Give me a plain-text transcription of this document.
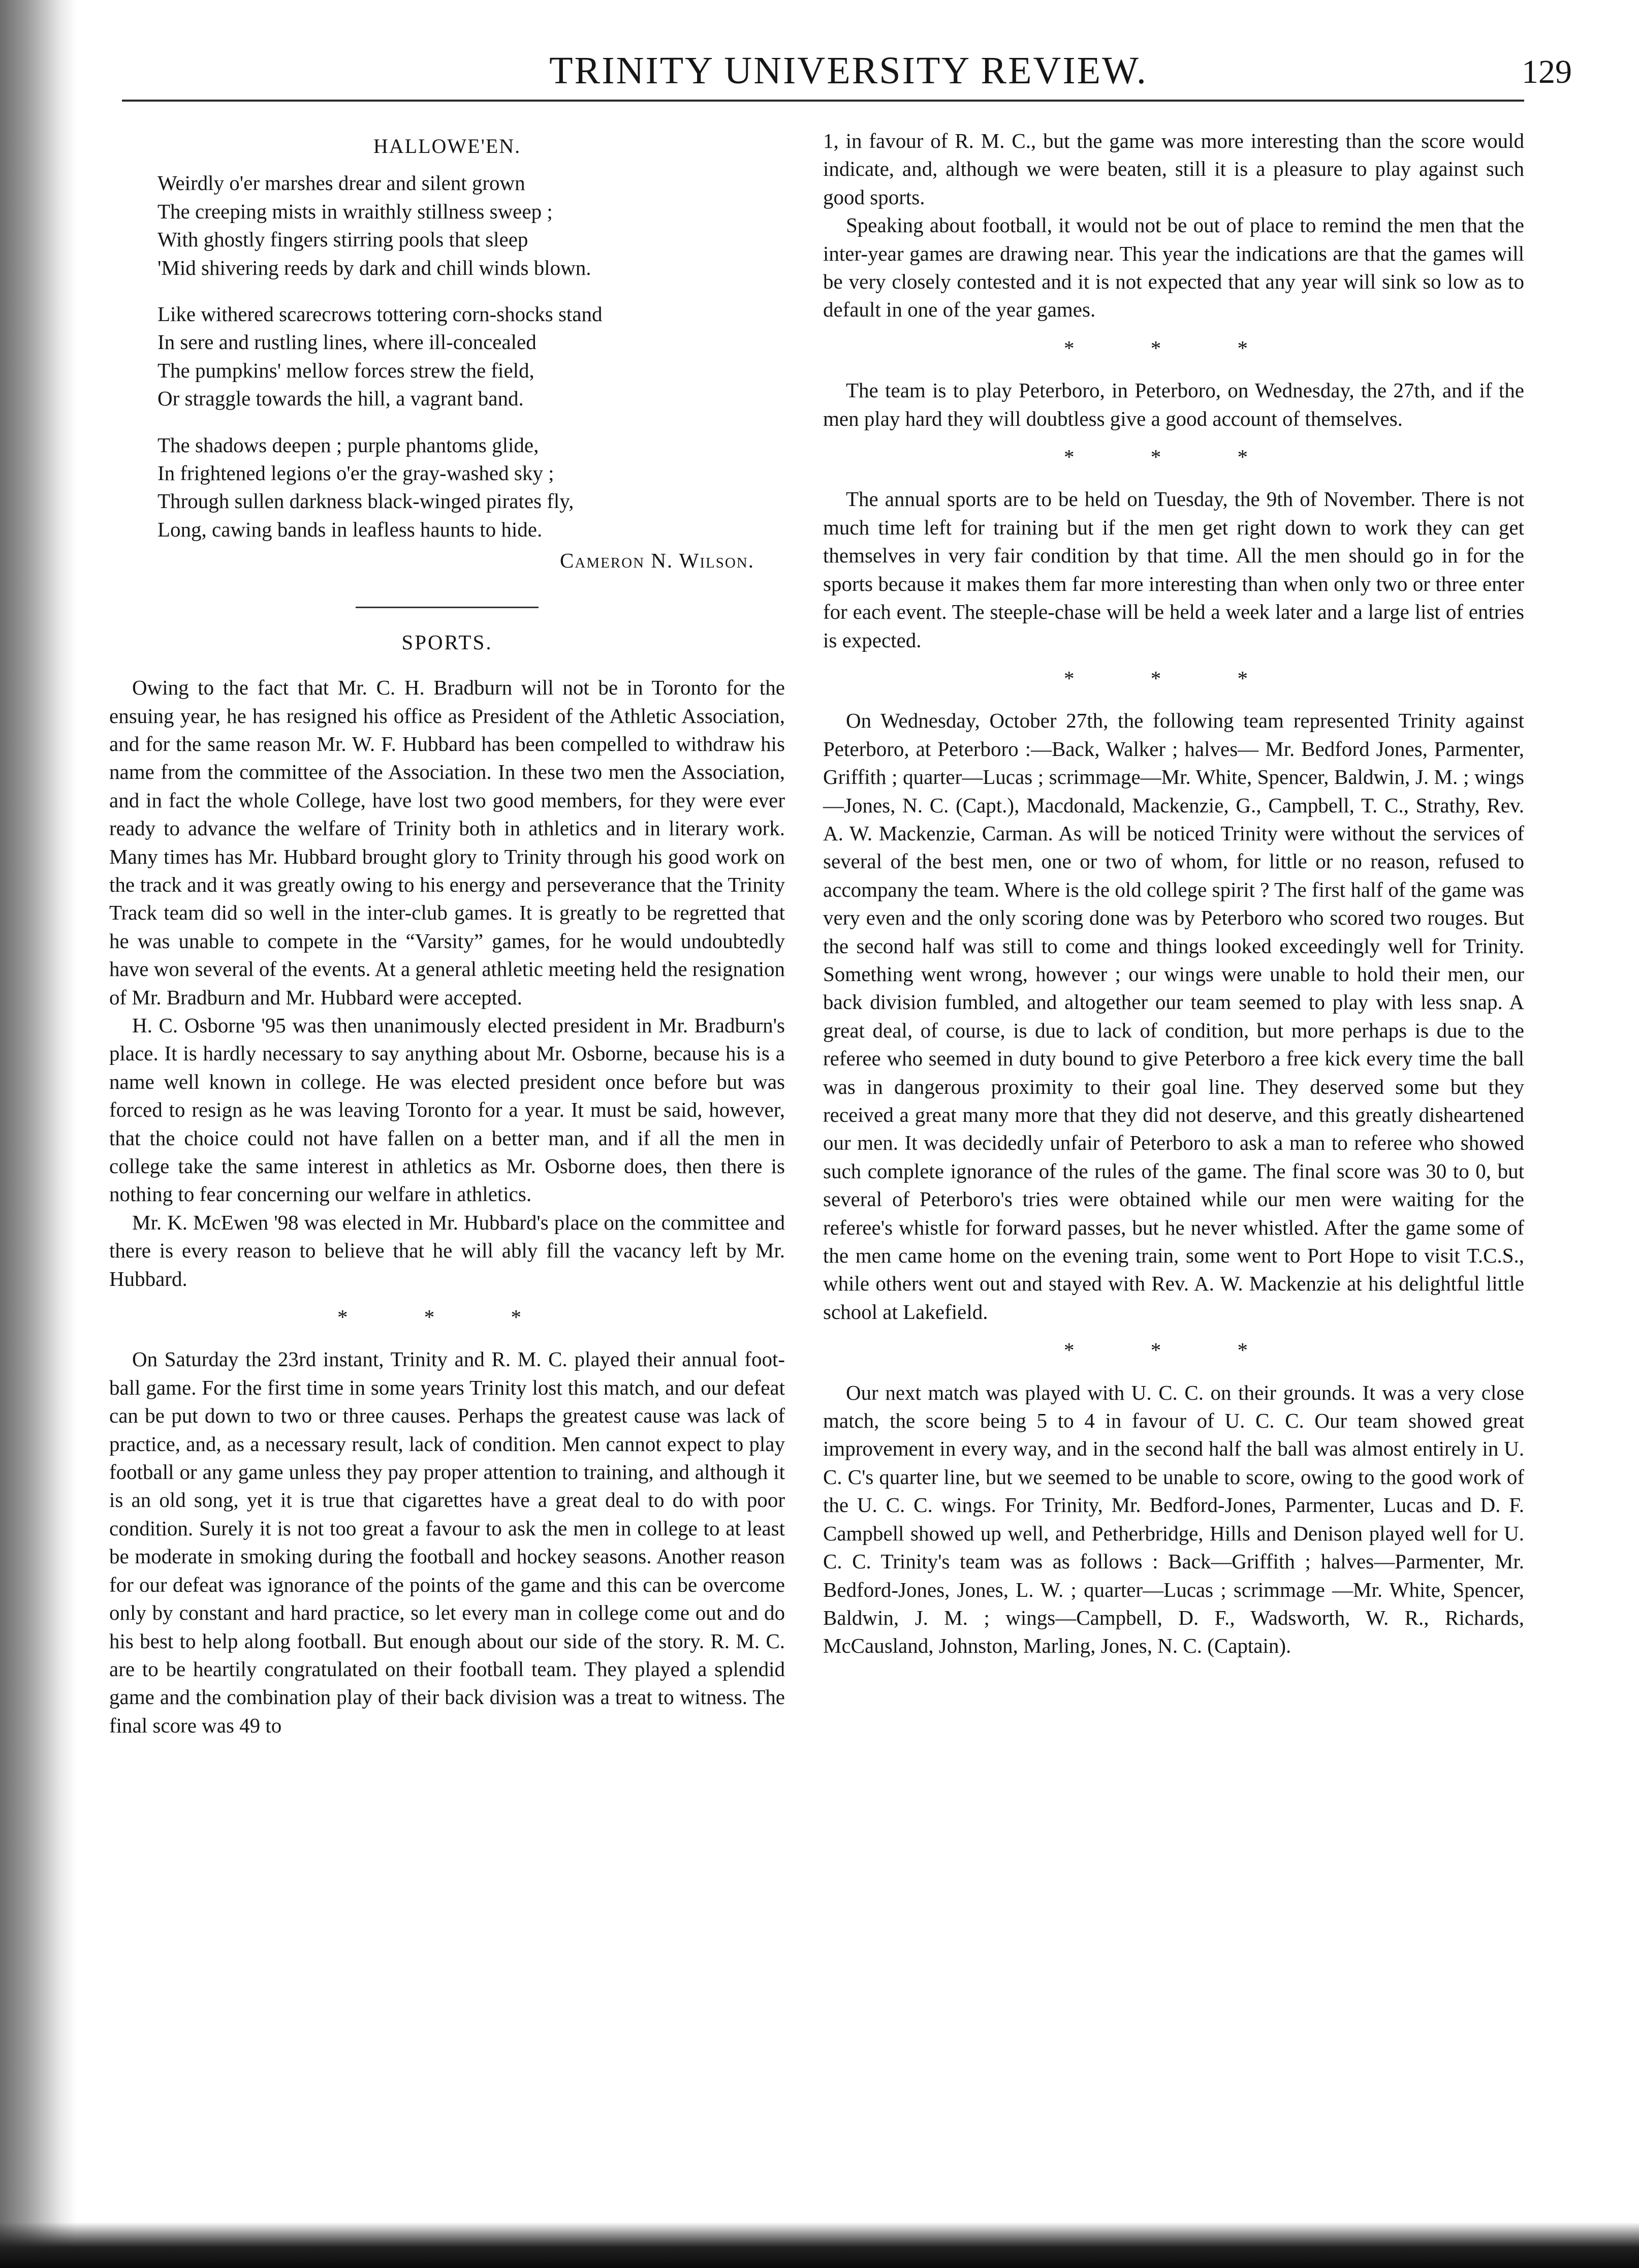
TRINITY UNIVERSITY REVIEW.	129
HALLOWE'EN.
Weirdly o'er marshes drear and silent grown
The creeping mists in wraithly stillness sweep ;
With ghostly fingers stirring pools that sleep
'Mid shivering reeds by dark and chill winds blown.
Like withered scarecrows tottering corn-shocks stand
In sere and rustling lines, where ill-concealed
The pumpkins' mellow forces strew the field,
Or straggle towards the hill, a vagrant band.
The shadows deepen ; purple phantoms glide,
In frightened legions o'er the gray-washed sky ;
Through sullen darkness black-winged pirates fly,
Long, cawing bands in leafless haunts to hide.
Cameron N. Wilson.
SPORTS.

Owing to the fact that Mr. C. H. Bradburn will not be in Toronto for the ensuing year, he has resigned his office as President of the Athletic Association, and for the same reason Mr. W. F. Hubbard has been compelled to withdraw his name from the committee of the Association. In these two men the Association, and in fact the whole College, have lost two good members, for they were ever ready to advance the welfare of Trinity both in athletics and in literary work. Many times has Mr. Hubbard brought glory to Trinity through his good work on the track and it was greatly owing to his energy and perseverance that the Trinity Track team did so well in the inter-club games. It is greatly to be regretted that he was unable to compete in the “Varsity” games, for he would undoubtedly have won several of the events. At a general athletic meeting held the resignation of Mr. Bradburn and Mr. Hubbard were accepted.

H. C. Osborne '95 was then unanimously elected president in Mr. Bradburn's place. It is hardly necessary to say anything about Mr. Osborne, because his is a name well known in college. He was elected president once before but was forced to resign as he was leaving Toronto for a year. It must be said, however, that the choice could not have fallen on a better man, and if all the men in college take the same interest in athletics as Mr. Osborne does, then there is nothing to fear concerning our welfare in athletics.

Mr. K. McEwen '98 was elected in Mr. Hubbard's place on the committee and there is every reason to believe that he will ably fill the vacancy left by Mr. Hubbard.

* * *

On Saturday the 23rd instant, Trinity and R. M. C. played their annual foot-ball game. For the first time in some years Trinity lost this match, and our defeat can be put down to two or three causes. Perhaps the greatest cause was lack of practice, and, as a necessary result, lack of condition. Men cannot expect to play football or any game unless they pay proper attention to training, and although it is an old song, yet it is true that cigarettes have a great deal to do with poor condition. Surely it is not too great a favour to ask the men in college to at least be moderate in smoking during the football and hockey seasons. Another reason for our defeat was ignorance of the points of the game and this can be overcome only by constant and hard practice, so let every man in college come out and do his best to help along football. But enough about our side of the story. R. M. C. are to be heartily congratulated on their football team. They played a splendid game and the combination play of their back division was a treat to witness. The final score was 49 to

1, in favour of R. M. C., but the game was more interesting than the score would indicate, and, although we were beaten, still it is a pleasure to play against such good sports.

Speaking about football, it would not be out of place to remind the men that the inter-year games are drawing near. This year the indications are that the games will be very closely contested and it is not expected that any year will sink so low as to default in one of the year games.

* * *

The team is to play Peterboro, in Peterboro, on Wednesday, the 27th, and if the men play hard they will doubtless give a good account of themselves.

* * *

The annual sports are to be held on Tuesday, the 9th of November. There is not much time left for training but if the men get right down to work they can get themselves in very fair condition by that time. All the men should go in for the sports because it makes them far more interesting than when only two or three enter for each event. The steeple-chase will be held a week later and a large list of entries is expected.

* * *

On Wednesday, October 27th, the following team represented Trinity against Peterboro, at Peterboro :—Back, Walker ; halves— Mr. Bedford Jones, Parmenter, Griffith ; quarter—Lucas ; scrimmage—Mr. White, Spencer, Baldwin, J. M. ; wings—Jones, N. C. (Capt.), Macdonald, Mackenzie, G., Campbell, T. C., Strathy, Rev. A. W. Mackenzie, Carman. As will be noticed Trinity were without the services of several of the best men, one or two of whom, for little or no reason, refused to accompany the team. Where is the old college spirit ? The first half of the game was very even and the only scoring done was by Peterboro who scored two rouges. But the second half was still to come and things looked exceedingly well for Trinity. Something went wrong, however ; our wings were unable to hold their men, our back division fumbled, and altogether our team seemed to play with less snap. A great deal, of course, is due to lack of condition, but more perhaps is due to the referee who seemed in duty bound to give Peterboro a free kick every time the ball was in dangerous proximity to their goal line. They deserved some but they received a great many more that they did not deserve, and this greatly disheartened our men. It was decidedly unfair of Peterboro to ask a man to referee who showed such complete ignorance of the rules of the game. The final score was 30 to 0, but several of Peterboro's tries were obtained while our men were waiting for the referee's whistle for forward passes, but he never whistled. After the game some of the men came home on the evening train, some went to Port Hope to visit T.C.S., while others went out and stayed with Rev. A. W. Mackenzie at his delightful little school at Lakefield.

* * *

Our next match was played with U. C. C. on their grounds. It was a very close match, the score being 5 to 4 in favour of U. C. C. Our team showed great improvement in every way, and in the second half the ball was almost entirely in U. C. C's quarter line, but we seemed to be unable to score, owing to the good work of the U. C. C. wings. For Trinity, Mr. Bedford-Jones, Parmenter, Lucas and D. F. Campbell showed up well, and Petherbridge, Hills and Denison played well for U. C. C. Trinity's team was as follows : Back—Griffith ; halves—Parmenter, Mr. Bedford-Jones, Jones, L. W. ; quarter—Lucas ; scrimmage —Mr. White, Spencer, Baldwin, J. M. ; wings—Campbell, D. F., Wadsworth, W. R., Richards, McCausland, Johnston, Marling, Jones, N. C. (Captain).
